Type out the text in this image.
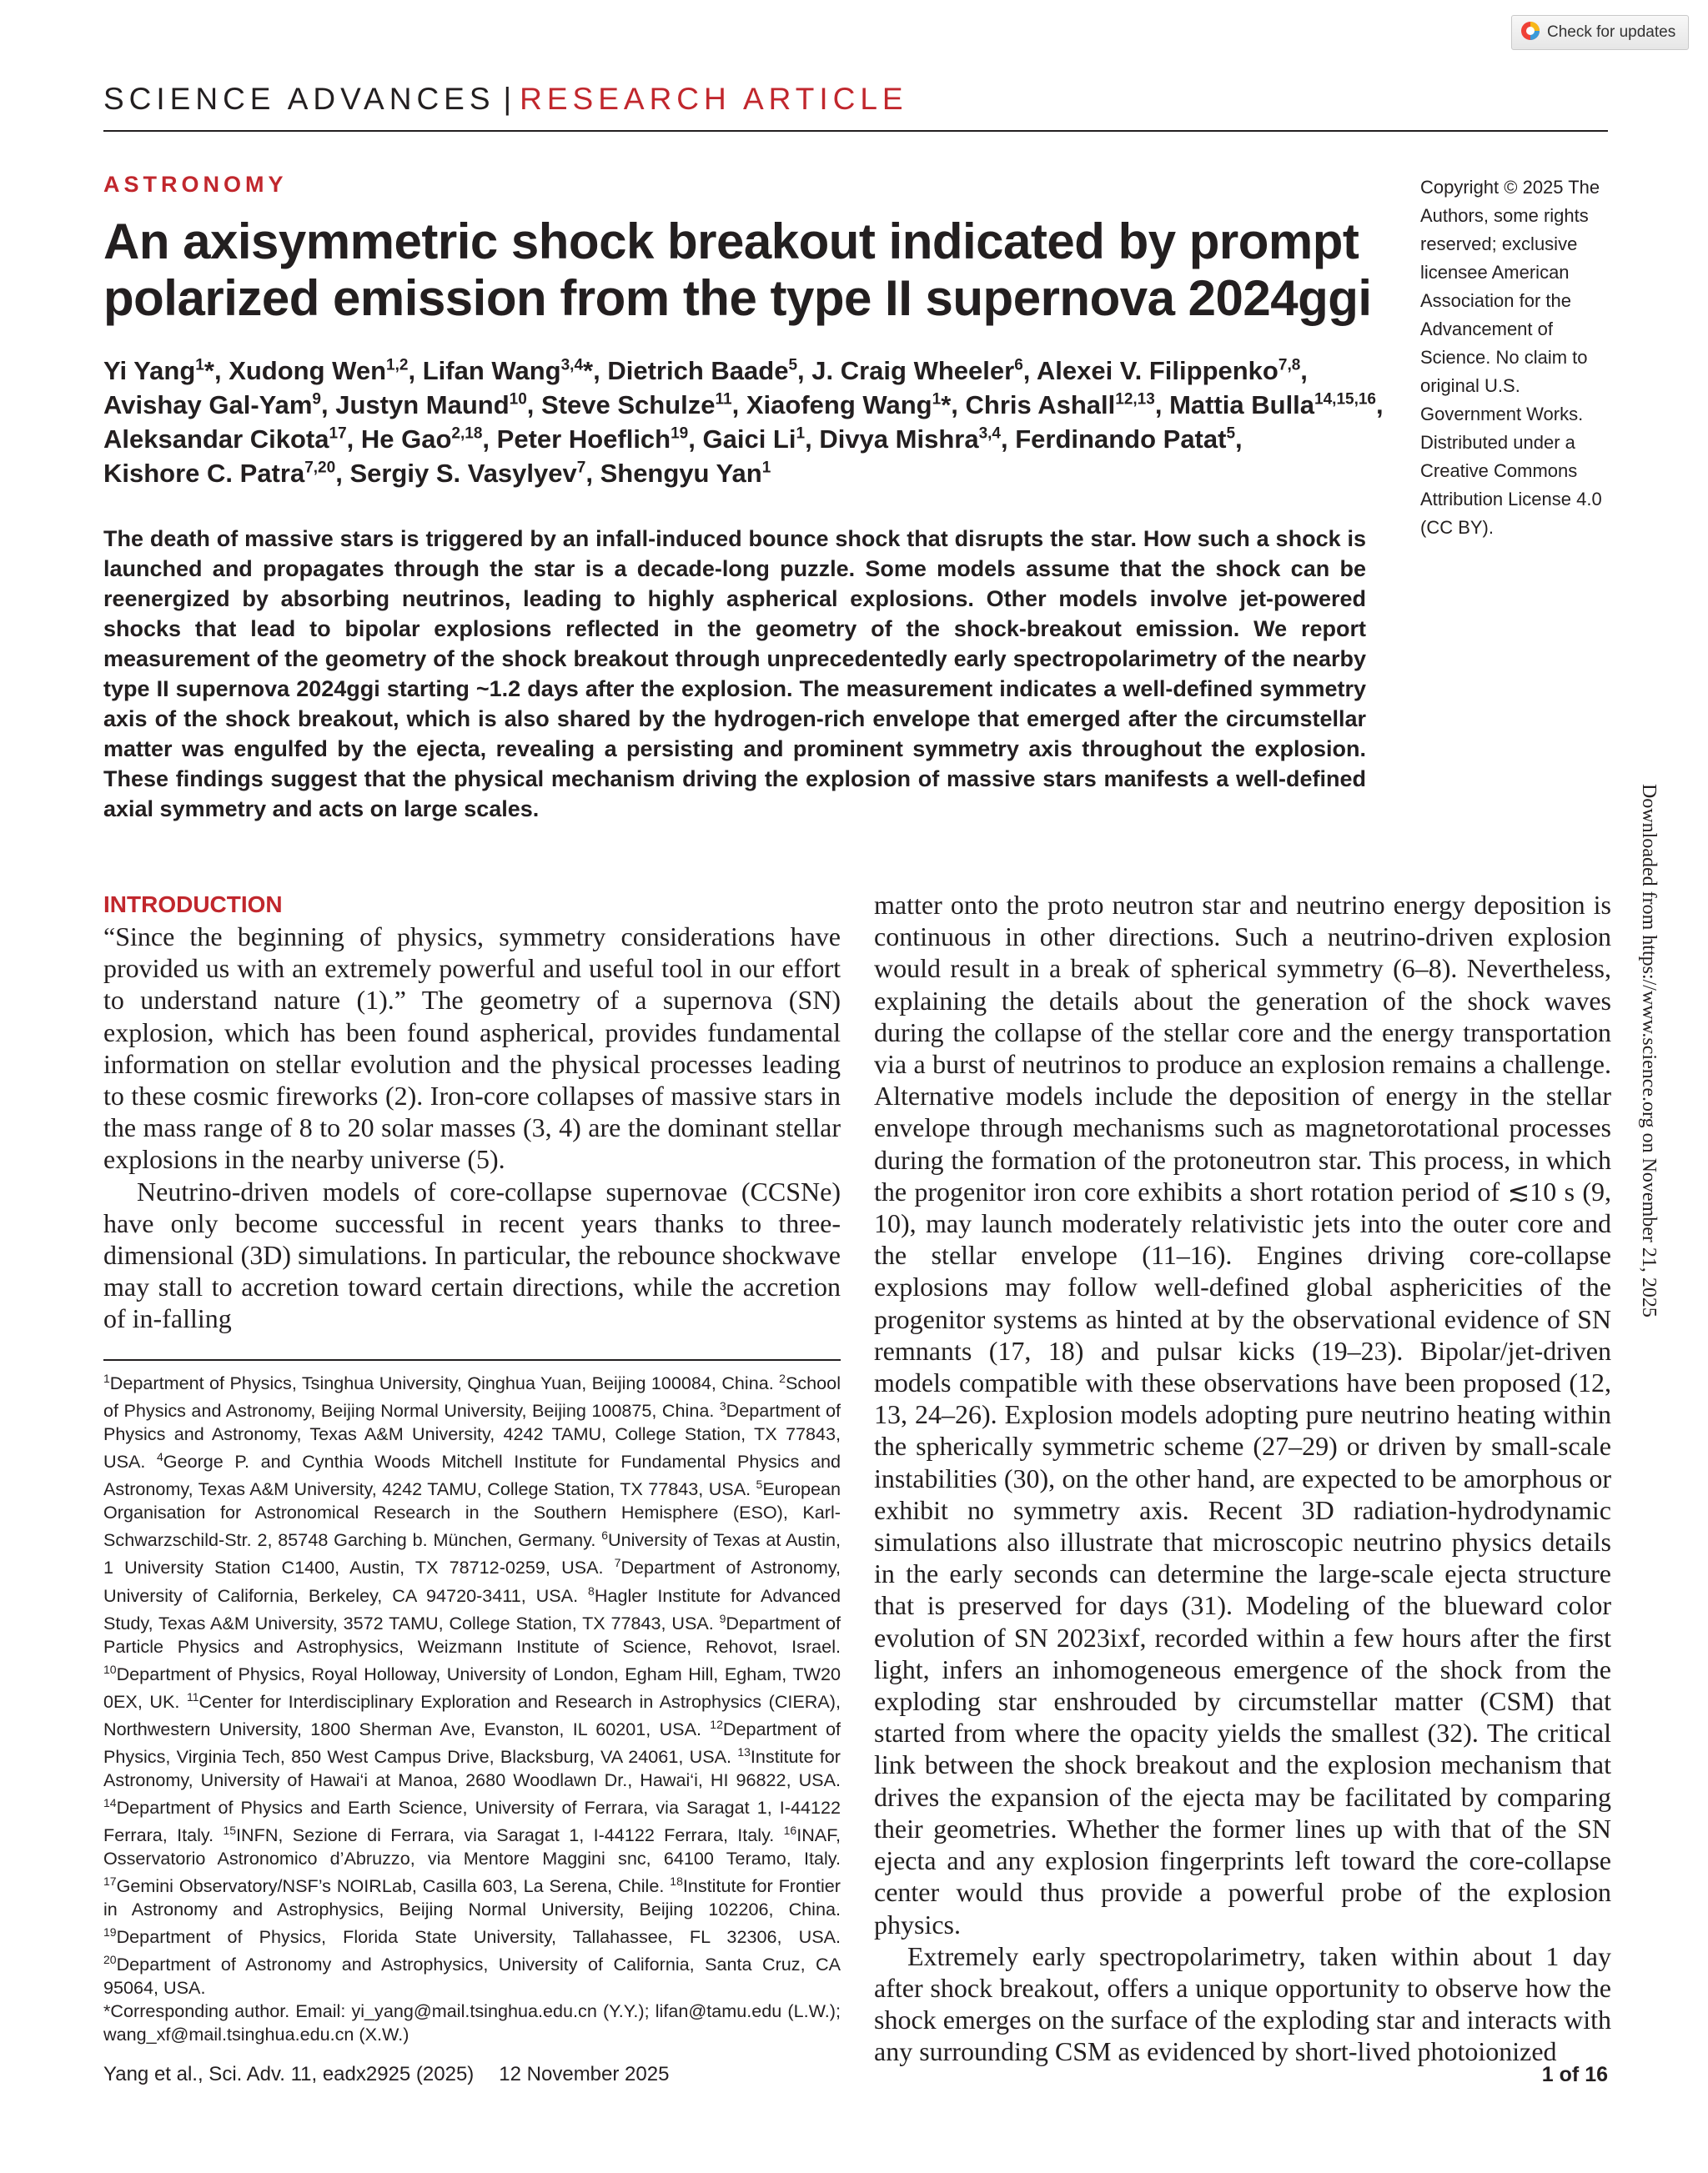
Check for updates
SCIENCE ADVANCES | RESEARCH ARTICLE
ASTRONOMY
An axisymmetric shock breakout indicated by prompt polarized emission from the type II supernova 2024ggi
Yi Yang$^1$*, Xudong Wen$^{1,2}$, Lifan Wang$^{3,4}$*, Dietrich Baade$^5$, J. Craig Wheeler$^6$, Alexei V. Filippenko$^{7,8}$, Avishay Gal-Yam$^9$, Justyn Maund$^{10}$, Steve Schulze$^{11}$, Xiaofeng Wang$^1$*, Chris Ashall$^{12,13}$, Mattia Bulla$^{14,15,16}$, Aleksandar Cikota$^{17}$, He Gao$^{2,18}$, Peter Hoeflich$^{19}$, Gaici Li$^1$, Divya Mishra$^{3,4}$, Ferdinando Patat$^5$, Kishore C. Patra$^{7,20}$, Sergiy S. Vasylyev$^7$, Shengyu Yan$^1$
Copyright © 2025 The Authors, some rights reserved; exclusive licensee American Association for the Advancement of Science. No claim to original U.S. Government Works. Distributed under a Creative Commons Attribution License 4.0 (CC BY).
The death of massive stars is triggered by an infall-induced bounce shock that disrupts the star. How such a shock is launched and propagates through the star is a decade-long puzzle. Some models assume that the shock can be reenergized by absorbing neutrinos, leading to highly aspherical explosions. Other models involve jet-powered shocks that lead to bipolar explosions reflected in the geometry of the shock-breakout emission. We report measurement of the geometry of the shock breakout through unprecedentedly early spectropolarimetry of the nearby type II supernova 2024ggi starting ~1.2 days after the explosion. The measurement indicates a well-defined symmetry axis of the shock breakout, which is also shared by the hydrogen-rich envelope that emerged after the circumstellar matter was engulfed by the ejecta, revealing a persisting and prominent symmetry axis throughout the explosion. These findings suggest that the physical mechanism driving the explosion of massive stars manifests a well-defined axial symmetry and acts on large scales.	Downloaded from https://www.science.org on November 21, 2025
INTRODUCTION

“Since the beginning of physics, symmetry considerations have provided us with an extremely powerful and useful tool in our effort to understand nature (1).” The geometry of a supernova (SN) explosion, which has been found aspherical, provides fundamental information on stellar evolution and the physical processes leading to these cosmic fireworks (2). Iron-core collapses of massive stars in the mass range of 8 to 20 solar masses (3, 4) are the dominant stellar explosions in the nearby universe (5).

Neutrino-driven models of core-collapse supernovae (CCSNe) have only become successful in recent years thanks to three-dimensional (3D) simulations. In particular, the rebounce shockwave may stall to accretion toward certain directions, while the accretion of in-falling

$^1$Department of Physics, Tsinghua University, Qinghua Yuan, Beijing 100084, China. $^2$School of Physics and Astronomy, Beijing Normal University, Beijing 100875, China. $^3$Department of Physics and Astronomy, Texas A&M University, 4242 TAMU, College Station, TX 77843, USA. $^4$George P. and Cynthia Woods Mitchell Institute for Fundamental Physics and Astronomy, Texas A&M University, 4242 TAMU, College Station, TX 77843, USA. $^5$European Organisation for Astronomical Research in the Southern Hemisphere (ESO), Karl-Schwarzschild-Str. 2, 85748 Garching b. München, Germany. $^6$University of Texas at Austin, 1 University Station C1400, Austin, TX 78712-0259, USA. $^7$Department of Astronomy, University of California, Berkeley, CA 94720-3411, USA. $^8$Hagler Institute for Advanced Study, Texas A&M University, 3572 TAMU, College Station, TX 77843, USA. $^9$Department of Particle Physics and Astrophysics, Weizmann Institute of Science, Rehovot, Israel. $^{10}$Department of Physics, Royal Holloway, University of London, Egham Hill, Egham, TW20 0EX, UK. $^{11}$Center for Interdisciplinary Exploration and Research in Astrophysics (CIERA), Northwestern University, 1800 Sherman Ave, Evanston, IL 60201, USA. $^{12}$Department of Physics, Virginia Tech, 850 West Campus Drive, Blacksburg, VA 24061, USA. $^{13}$Institute for Astronomy, University of Hawai‘i at Manoa, 2680 Woodlawn Dr., Hawai‘i, HI 96822, USA. $^{14}$Department of Physics and Earth Science, University of Ferrara, via Saragat 1, I-44122 Ferrara, Italy. $^{15}$INFN, Sezione di Ferrara, via Saragat 1, I-44122 Ferrara, Italy. $^{16}$INAF, Osservatorio Astronomico d’Abruzzo, via Mentore Maggini snc, 64100 Teramo, Italy. $^{17}$Gemini Observatory/NSF’s NOIRLab, Casilla 603, La Serena, Chile. $^{18}$Institute for Frontier in Astronomy and Astrophysics, Beijing Normal University, Beijing 102206, China. $^{19}$Department of Physics, Florida State University, Tallahassee, FL 32306, USA. $^{20}$Department of Astronomy and Astrophysics, University of California, Santa Cruz, CA 95064, USA.
*Corresponding author. Email: yi_yang@mail.tsinghua.edu.cn (Y.Y.); lifan@tamu.edu (L.W.); wang_xf@mail.tsinghua.edu.cn (X.W.)

matter onto the proto neutron star and neutrino energy deposition is continuous in other directions. Such a neutrino-driven explosion would result in a break of spherical symmetry (6–8). Nevertheless, explaining the details about the generation of the shock waves during the collapse of the stellar core and the energy transportation via a burst of neutrinos to produce an explosion remains a challenge. Alternative models include the deposition of energy in the stellar envelope through mechanisms such as magnetorotational processes during the formation of the protoneutron star. This process, in which the progenitor iron core exhibits a short rotation period of ≲10 s (9, 10), may launch moderately relativistic jets into the outer core and the stellar envelope (11–16). Engines driving core-collapse explosions may follow well-defined global asphericities of the progenitor systems as hinted at by the observational evidence of SN remnants (17, 18) and pulsar kicks (19–23). Bipolar/jet-driven models compatible with these observations have been proposed (12, 13, 24–26). Explosion models adopting pure neutrino heating within the spherically symmetric scheme (27–29) or driven by small-scale instabilities (30), on the other hand, are expected to be amorphous or exhibit no symmetry axis. Recent 3D radiation-hydrodynamic simulations also illustrate that microscopic neutrino physics details in the early seconds can determine the large-scale ejecta structure that is preserved for days (31). Modeling of the blueward color evolution of SN 2023ixf, recorded within a few hours after the first light, infers an inhomogeneous emergence of the shock from the exploding star enshrouded by circumstellar matter (CSM) that started from where the opacity yields the smallest (32). The critical link between the shock breakout and the explosion mechanism that drives the expansion of the ejecta may be facilitated by comparing their geometries. Whether the former lines up with that of the SN ejecta and any explosion fingerprints left toward the core-collapse center would thus provide a powerful probe of the explosion physics.

Extremely early spectropolarimetry, taken within about 1 day after shock breakout, offers a unique opportunity to observe how the shock emerges on the surface of the exploding star and interacts with any surrounding CSM as evidenced by short-lived photoionized

Yang et al., Sci. Adv. 11, eadx2925 (2025) 12 November 2025	1 of 16
